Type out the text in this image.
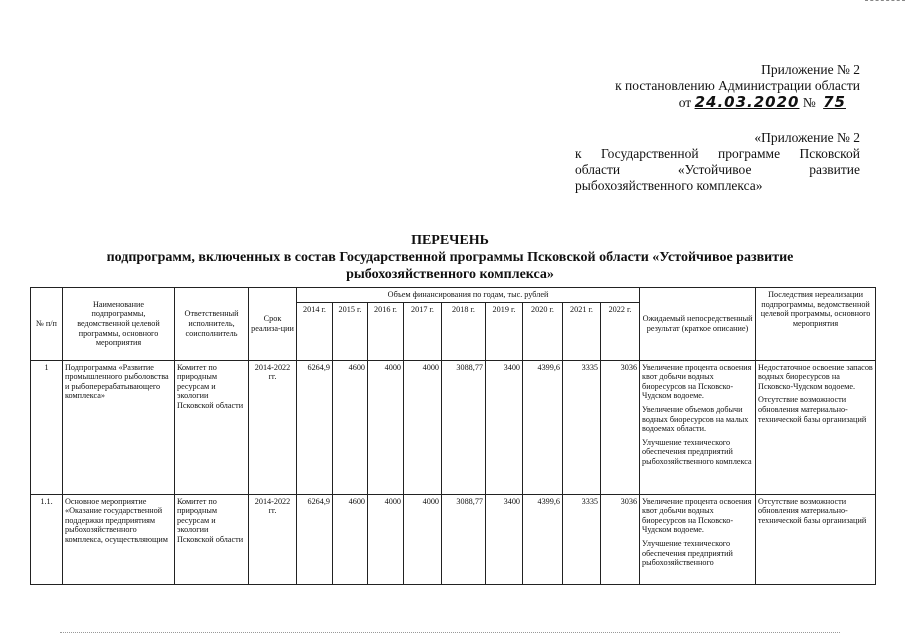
Приложение № 2
к постановлению Администрации области
от 24.03.2020 № 75
«Приложение № 2
к Государственной программе Псковской
области «Устойчивое развитие
рыбохозяйственного комплекса»
ПЕРЕЧЕНЬ
подпрограмм, включенных в состав Государственной программы Псковской области «Устойчивое развитие
рыбохозяйственного комплекса»
№ п/п	Наименование подпрограммы, ведомственной целевой программы, основного мероприятия	Ответственный исполнитель, соисполнитель	Срок реализа-ции	Объем финансирования по годам, тыс. рублей									Ожидаемый непосредственный результат (краткое описание)	Последствия нереализации подпрограммы, ведомственной целевой программы, основного мероприятия
				2014 г.	2015 г.	2016 г.	2017 г.	2018 г.	2019 г.	2020 г.	2021 г.	2022 г.		
1	Подпрограмма «Развитие промышленного рыболовства и рыбоперерабатывающего комплекса»	Комитет по природным ресурсам и экологии Псковской области	2014-2022 гг.	6264,9	4600	4000	4000	3088,77	3400	4399,6	3335	3036	Увеличение процента освоения квот добычи водных биоресурсов на Псковско-Чудском водоеме.
Увеличение объемов добычи водных биоресурсов на малых водоемах области.
Улучшение технического обеспечения предприятий рыбохозяйственного комплекса	Недостаточное освоение запасов водных биоресурсов на Псковско-Чудском водоеме.
Отсутствие возможности обновления материально-технической базы организаций

1.1.	Основное мероприятие «Оказание государственной поддержки предприятиям рыбохозяйственного комплекса, осуществляющим	Комитет по природным ресурсам и экологии Псковской области	2014-2022 гг.	6264,9	4600	4000	4000	3088,77	3400	4399,6	3335	3036	Увеличение процента освоения квот добычи водных биоресурсов на Псковско-Чудском водоеме.
Улучшение технического обеспечения предприятий рыбохозяйственного	Отсутствие возможности обновления материально-технической базы организаций
